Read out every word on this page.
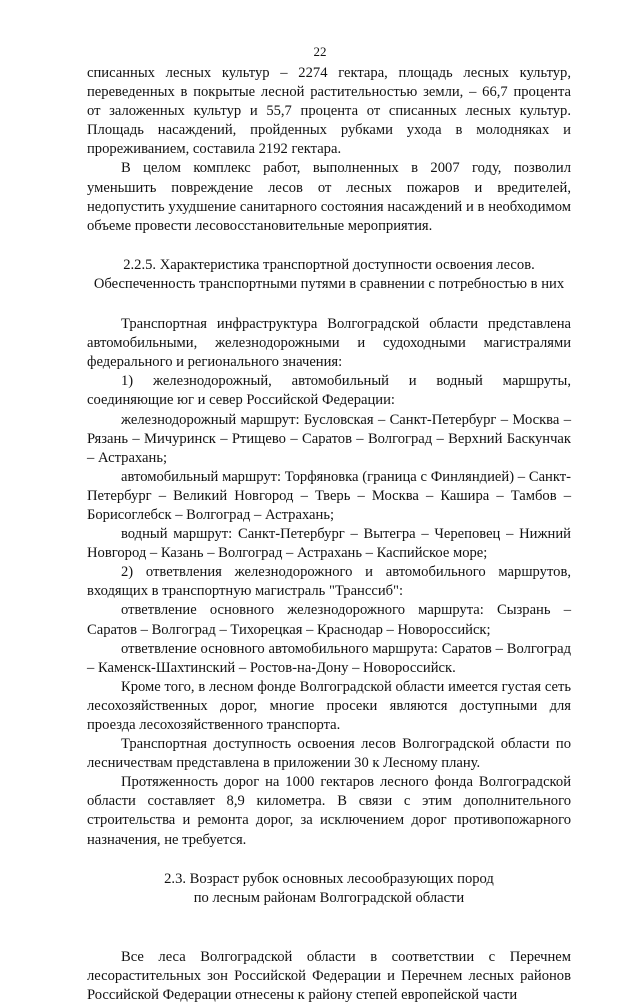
22

списанных лесных культур – 2274 гектара, площадь лесных культур, переведенных в покрытые лесной растительностью земли, – 66,7 процента от заложенных культур и 55,7 процента от списанных лесных культур. Площадь насаждений, пройденных рубками ухода в молодняках и прореживанием, составила 2192 гектара.

В целом комплекс работ, выполненных в 2007 году, позволил уменьшить повреждение лесов от лесных пожаров и вредителей, недопустить ухудшение санитарного состояния насаждений и в необходимом объеме провести лесовосстановительные мероприятия.

2.2.5. Характеристика транспортной доступности освоения лесов.

Обеспеченность транспортными путями в сравнении с потребностью в них

Транспортная инфраструктура Волгоградской области представлена автомобильными, железнодорожными и судоходными магистралями федерального и регионального значения:

1) железнодорожный, автомобильный и водный маршруты, соединяющие юг и север Российской Федерации:

железнодорожный маршрут: Бусловская – Санкт-Петербург – Москва – Рязань – Мичуринск – Ртищево – Саратов – Волгоград – Верхний Баскунчак – Астрахань;

автомобильный маршрут: Торфяновка (граница с Финляндией) – Санкт-Петербург – Великий Новгород – Тверь – Москва – Кашира – Тамбов – Борисоглебск – Волгоград – Астрахань;

водный маршрут: Санкт-Петербург – Вытегра – Череповец – Нижний Новгород – Казань – Волгоград – Астрахань – Каспийское море;

2) ответвления железнодорожного и автомобильного маршрутов, входящих в транспортную магистраль "Транссиб":

ответвление основного железнодорожного маршрута: Сызрань – Саратов – Волгоград – Тихорецкая – Краснодар – Новороссийск;

ответвление основного автомобильного маршрута: Саратов – Волгоград – Каменск-Шахтинский – Ростов-на-Дону – Новороссийск.

Кроме того, в лесном фонде Волгоградской области имеется густая сеть лесохозяйственных дорог, многие просеки являются доступными для проезда лесохозяйственного транспорта.

Транспортная доступность освоения лесов Волгоградской области по лесничествам представлена в приложении 30 к Лесному плану.

Протяженность дорог на 1000 гектаров лесного фонда Волгоградской области составляет 8,9 километра. В связи с этим дополнительного строительства и ремонта дорог, за исключением дорог противопожарного назначения, не требуется.

2.3. Возраст рубок основных лесообразующих пород

по лесным районам Волгоградской области

Все леса Волгоградской области в соответствии с Перечнем лесорастительных зон Российской Федерации и Перечнем лесных районов Российской Федерации отнесены к району степей европейской части
